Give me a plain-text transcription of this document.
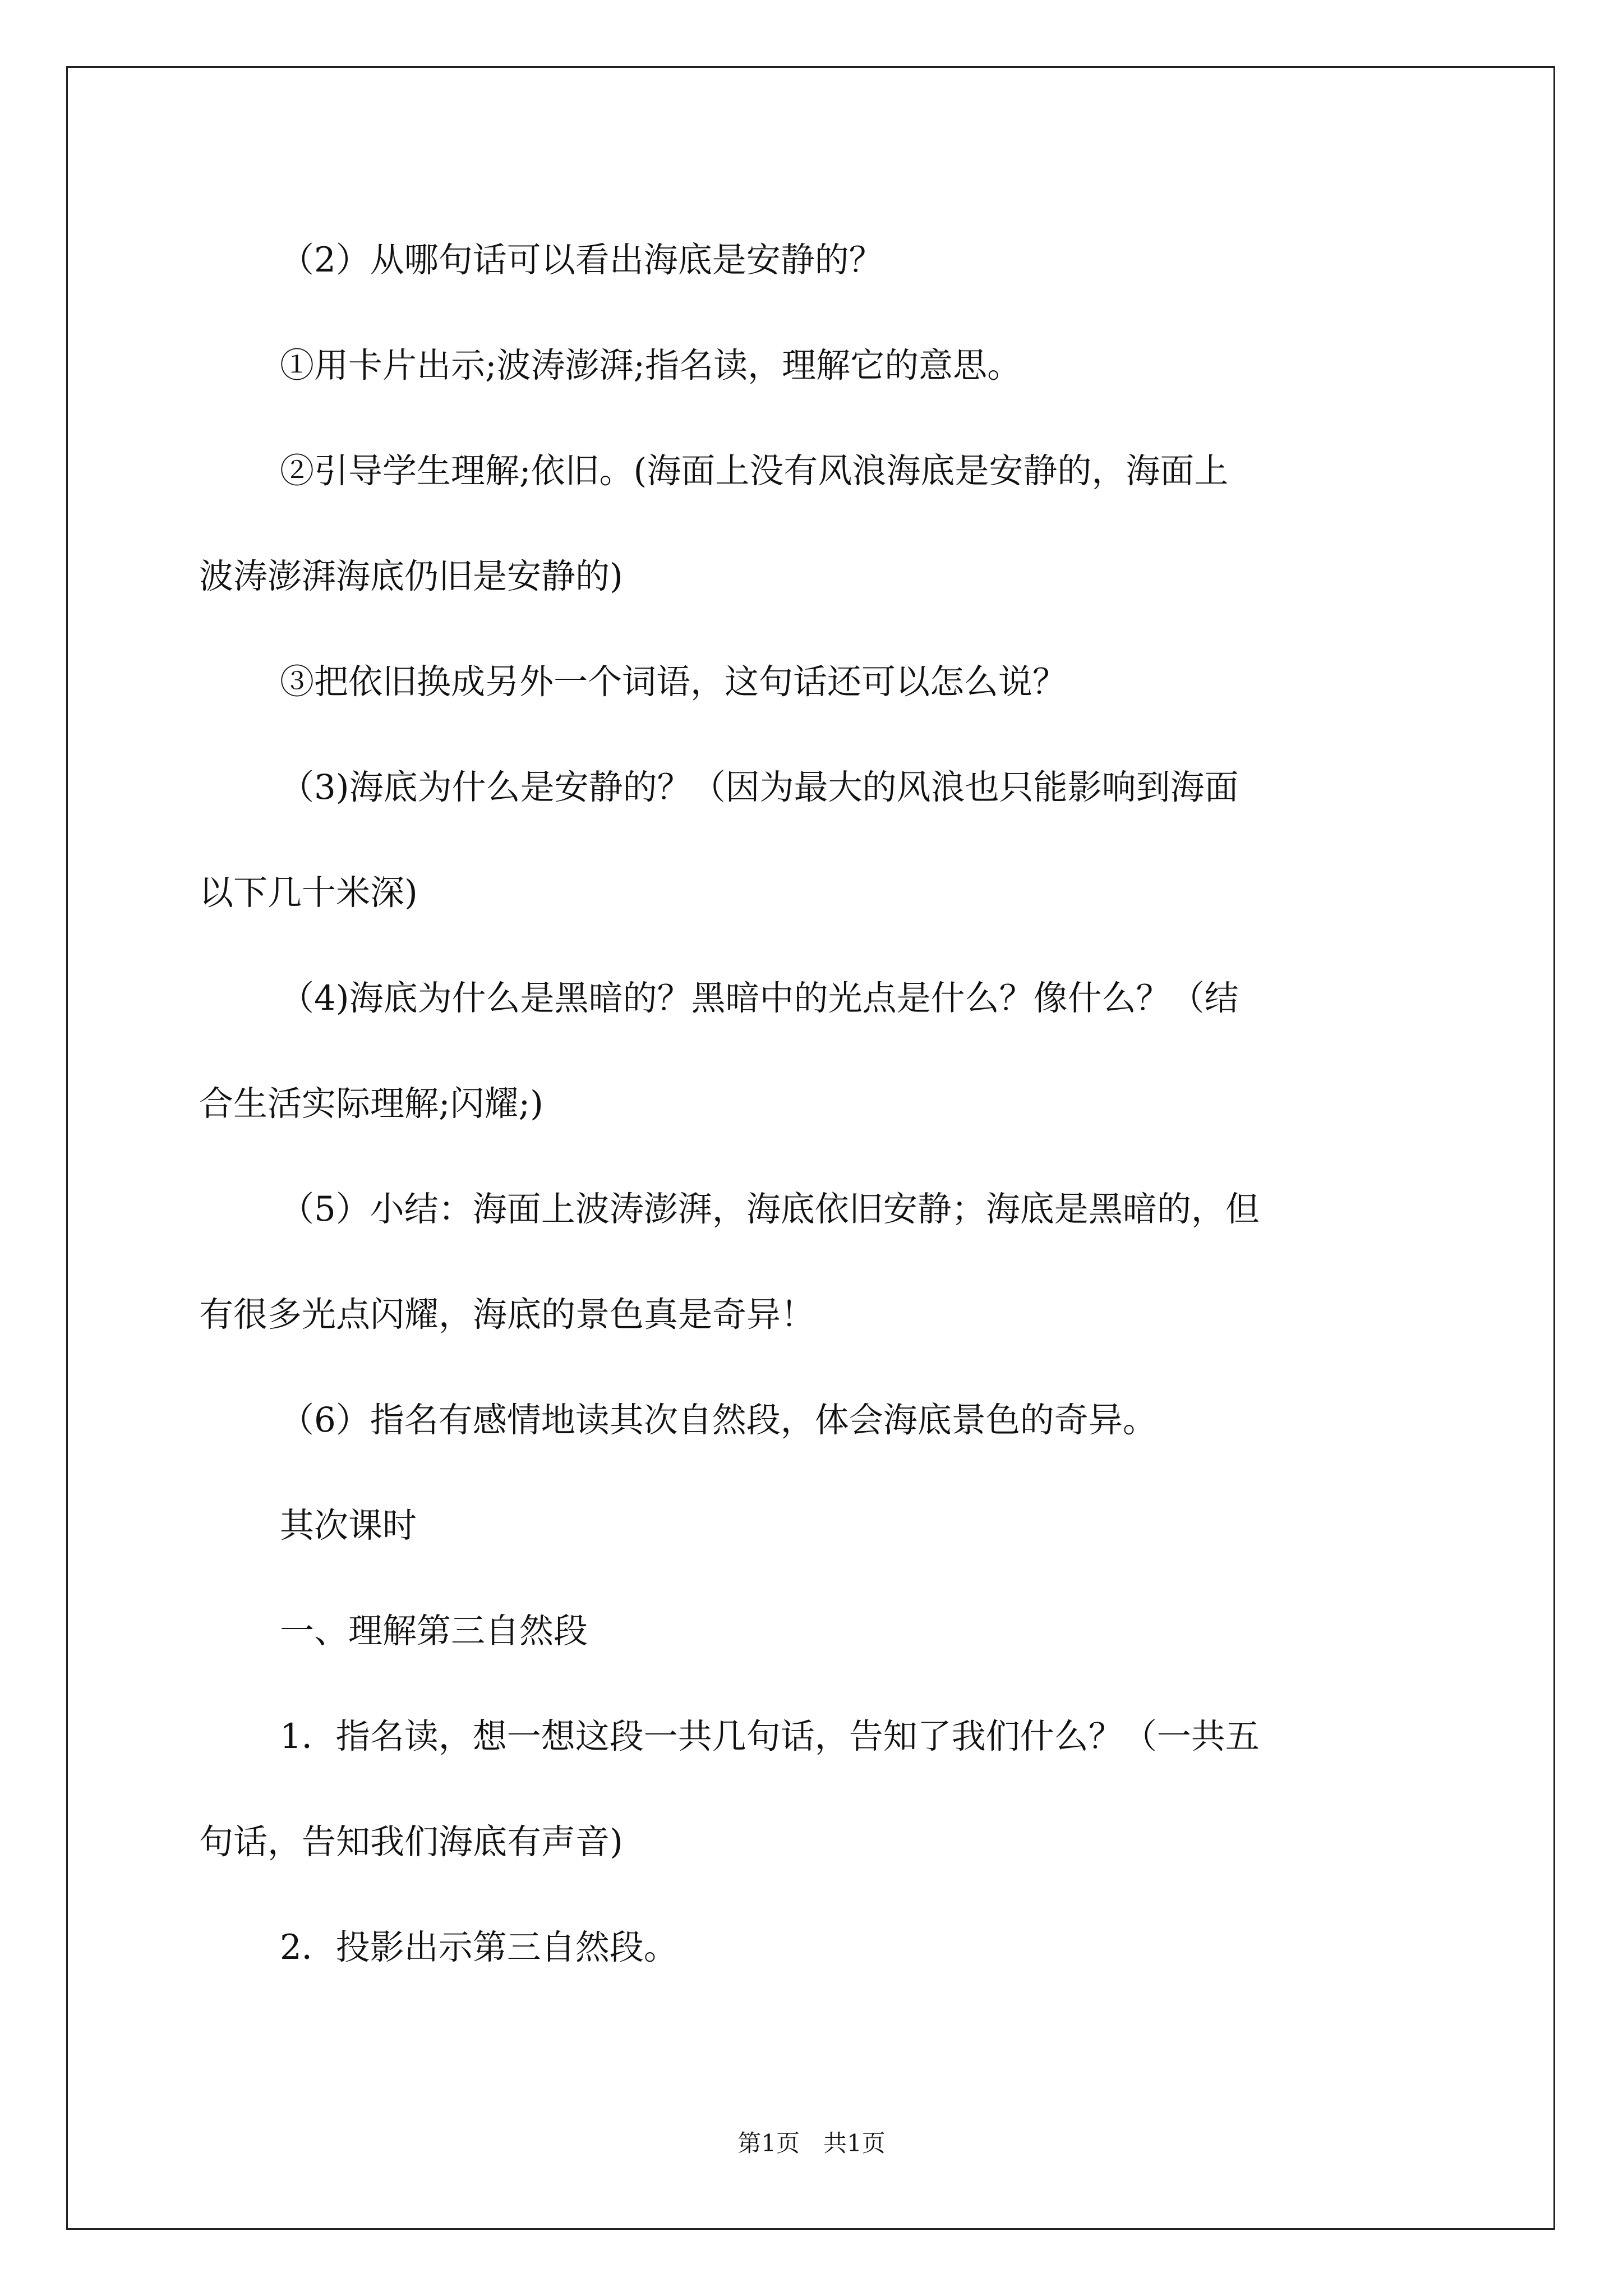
（2）从哪句话可以看出海底是安静的？

①用卡片出示;波涛澎湃;指名读，理解它的意思。

②引导学生理解;依旧。(海面上没有风浪海底是安静的，海面上

波涛澎湃海底仍旧是安静的)

③把依旧换成另外一个词语，这句话还可以怎么说？

（3)海底为什么是安静的？（因为最大的风浪也只能影响到海面

以下几十米深)

（4)海底为什么是黑暗的？黑暗中的光点是什么？像什么？（结

合生活实际理解;闪耀;)

（5）小结：海面上波涛澎湃，海底依旧安静；海底是黑暗的，但

有很多光点闪耀，海底的景色真是奇异！

（6）指名有感情地读其次自然段，体会海底景色的奇异。

其次课时

一、理解第三自然段

1．指名读，想一想这段一共几句话，告知了我们什么？（一共五

句话，告知我们海底有声音)

2．投影出示第三自然段。

第1页　共1页
